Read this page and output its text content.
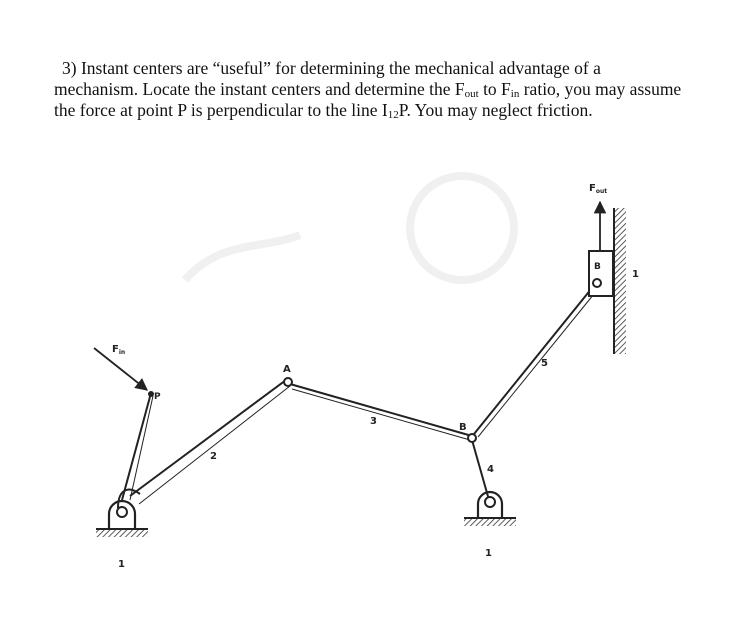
3) Instant centers are “useful” for determining the mechanical advantage of a

mechanism. Locate the instant centers and determine the $F_{out}$ to $F_{in}$ ratio, you may assume

the force at point P is perpendicular to the line $I_{12}P$. You may neglect friction.

$F_{in}$
$F_{out}$
P
A
B
B
2
3
4
5
1
1
1
